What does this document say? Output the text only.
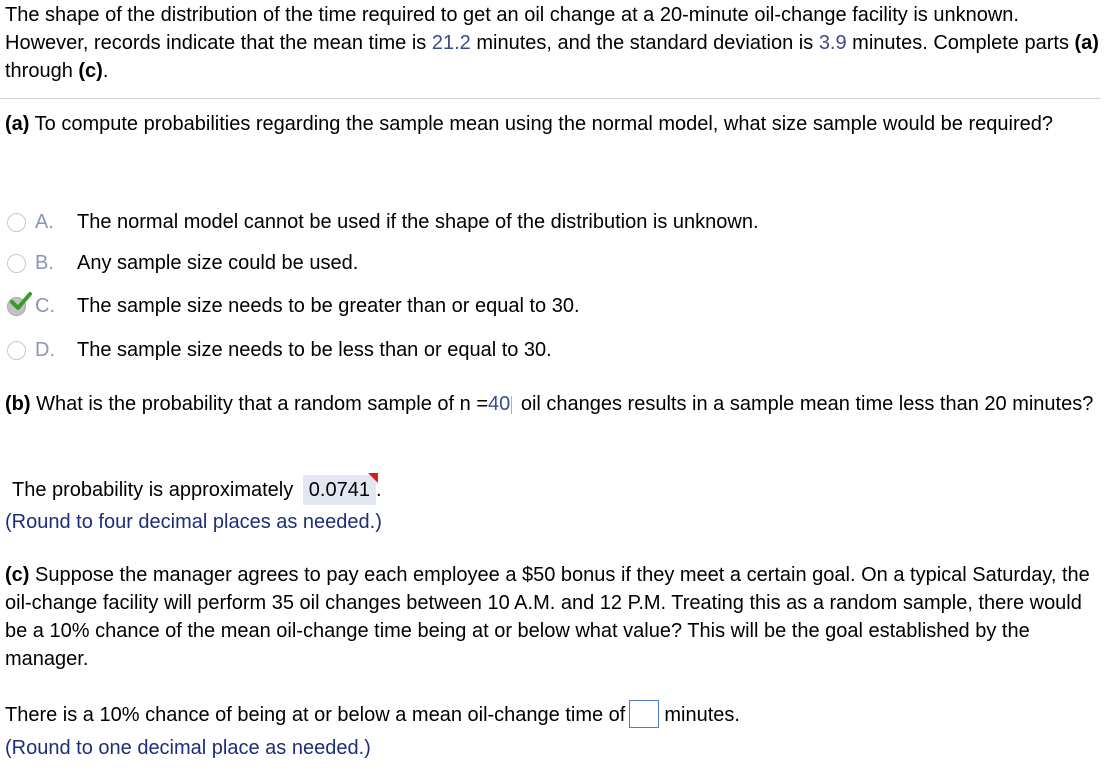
The shape of the distribution of the time required to get an oil change at a 20-minute oil-change facility is unknown. However, records indicate that the mean time is 21.2 minutes, and the standard deviation is 3.9 minutes. Complete parts (a) through (c).
(a) To compute probabilities regarding the sample mean using the normal model, what size sample would be required?
A.	The normal model cannot be used if the shape of the distribution is unknown.
B.	Any sample size could be used.
C.	The sample size needs to be greater than or equal to 30.
D.	The sample size needs to be less than or equal to 30.
(b) What is the probability that a random sample of n =40 oil changes results in a sample mean time less than 20 minutes?
The probability is approximately 0.0741 .
(Round to four decimal places as needed.)
(c) Suppose the manager agrees to pay each employee a $50 bonus if they meet a certain goal. On a typical Saturday, the oil-change facility will perform 35 oil changes between 10 A.M. and 12 P.M. Treating this as a random sample, there would be a 10% chance of the mean oil-change time being at or below what value? This will be the goal established by the manager.
There is a 10% chance of being at or below a mean oil-change time of minutes.
(Round to one decimal place as needed.)
